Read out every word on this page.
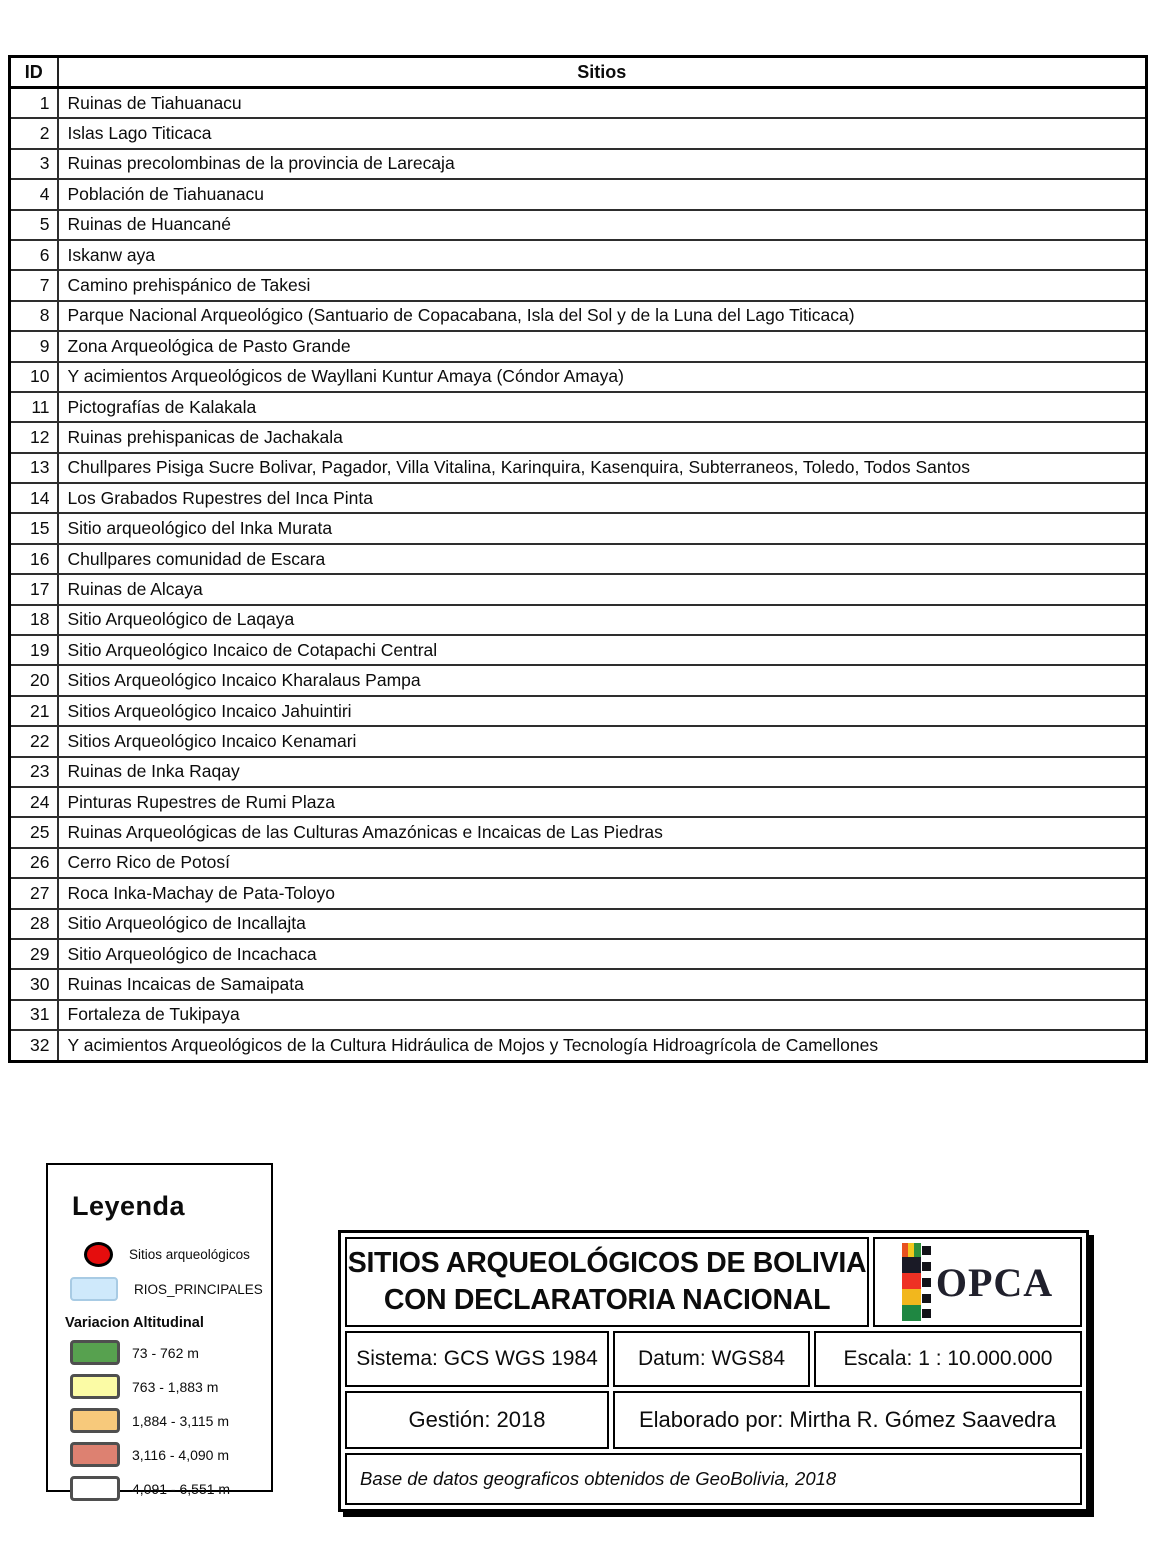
ID	Sitios
1	Ruinas de Tiahuanacu
2	Islas Lago Titicaca
3	Ruinas precolombinas de la provincia de Larecaja
4	Población de Tiahuanacu
5	Ruinas de Huancané
6	Iskanw aya
7	Camino prehispánico de Takesi
8	Parque Nacional Arqueológico (Santuario de Copacabana, Isla del Sol y de la Luna del Lago Titicaca)
9	Zona Arqueológica de Pasto Grande
10	Y acimientos Arqueológicos de Wayllani Kuntur Amaya (Cóndor Amaya)
11	Pictografías de Kalakala
12	Ruinas prehispanicas de Jachakala
13	Chullpares Pisiga Sucre Bolivar, Pagador, Villa Vitalina, Karinquira, Kasenquira, Subterraneos, Toledo, Todos Santos
14	Los Grabados Rupestres del Inca Pinta
15	Sitio arqueológico del Inka Murata
16	Chullpares comunidad de Escara
17	Ruinas de Alcaya
18	Sitio Arqueológico de Laqaya
19	Sitio Arqueológico Incaico de Cotapachi Central
20	Sitios Arqueológico Incaico Kharalaus Pampa
21	Sitios Arqueológico Incaico Jahuintiri
22	Sitios Arqueológico Incaico Kenamari
23	Ruinas de Inka Raqay
24	Pinturas Rupestres de Rumi Plaza
25	Ruinas Arqueológicas de las Culturas Amazónicas e Incaicas de Las Piedras
26	Cerro Rico de Potosí
27	Roca Inka-Machay de Pata-Toloyo
28	Sitio Arqueológico de Incallajta
29	Sitio Arqueológico de Incachaca
30	Ruinas Incaicas de Samaipata
31	Fortaleza de Tukipaya
32	Y acimientos Arqueológicos de la Cultura Hidráulica de Mojos y Tecnología Hidroagrícola de Camellones
Leyenda
Sitios arqueológicos
RIOS_PRINCIPALES
Variacion Altitudinal
73 - 762 m
763 - 1,883 m
1,884 - 3,115 m
3,116 - 4,090 m
4,091 - 6,551 m
SITIOS ARQUEOLÓGICOS DE BOLIVIA
CON DECLARATORIA NACIONAL	OPCA
Sistema: GCS WGS 1984	Datum: WGS84	Escala: 1 : 10.000.000
Gestión: 2018	Elaborado por: Mirtha R. Gómez Saavedra
Base de datos geograficos obtenidos de GeoBolivia, 2018
